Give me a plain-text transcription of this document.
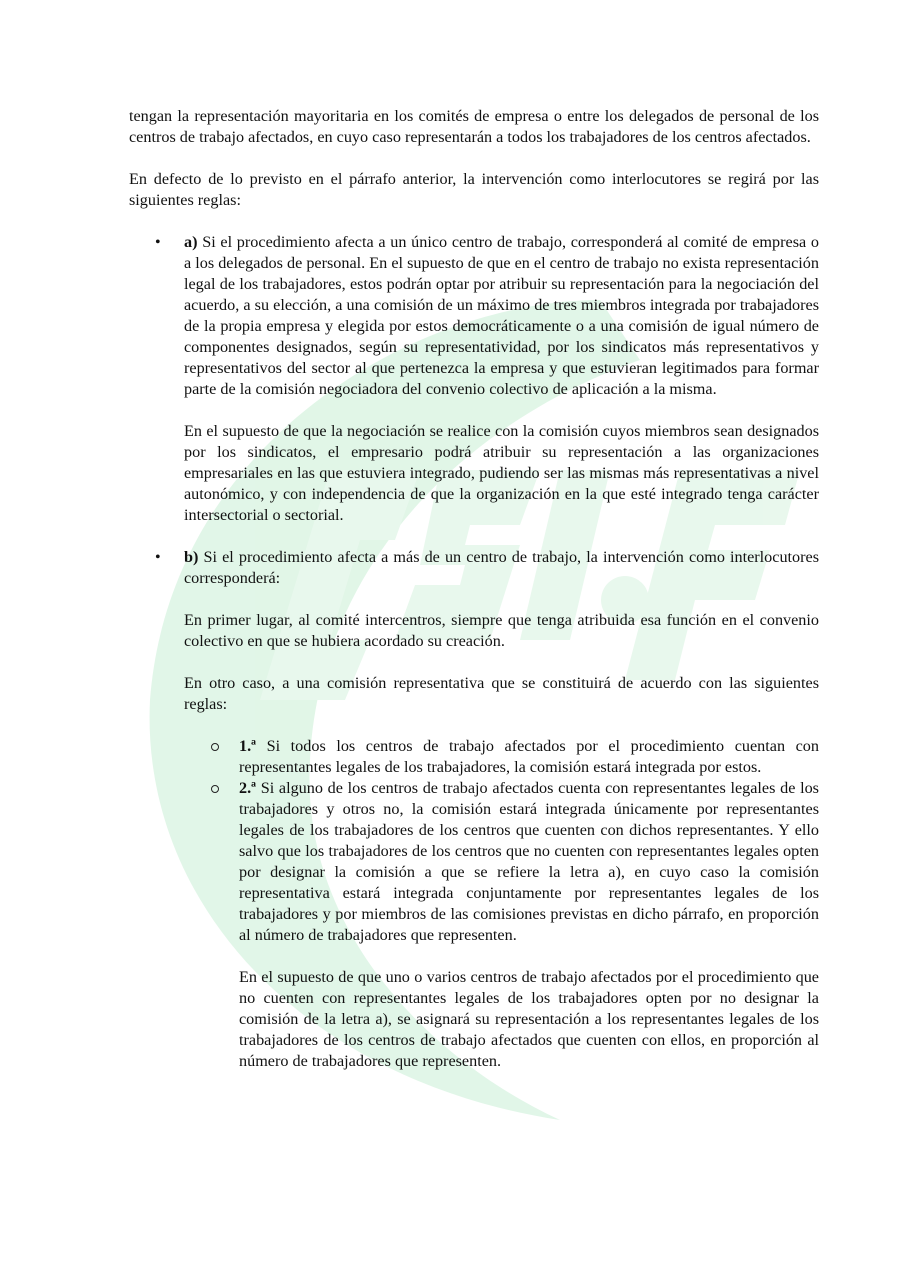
tengan la representación mayoritaria en los comités de empresa o entre los delegados de personal de los centros de trabajo afectados, en cuyo caso representarán a todos los trabajadores de los centros afectados.

En defecto de lo previsto en el párrafo anterior, la intervención como interlocutores se regirá por las siguientes reglas:

• a) Si el procedimiento afecta a un único centro de trabajo, corresponderá al comité de empresa o a los delegados de personal. En el supuesto de que en el centro de trabajo no exista representación legal de los trabajadores, estos podrán optar por atribuir su representación para la negociación del acuerdo, a su elección, a una comisión de un máximo de tres miembros integrada por trabajadores de la propia empresa y elegida por estos democráticamente o a una comisión de igual número de componentes designados, según su representatividad, por los sindicatos más representativos y representativos del sector al que pertenezca la empresa y que estuvieran legitimados para formar parte de la comisión negociadora del convenio colectivo de aplicación a la misma.

En el supuesto de que la negociación se realice con la comisión cuyos miembros sean designados por los sindicatos, el empresario podrá atribuir su representación a las organizaciones empresariales en las que estuviera integrado, pudiendo ser las mismas más representativas a nivel autonómico, y con independencia de que la organización en la que esté integrado tenga carácter intersectorial o sectorial.

• b) Si el procedimiento afecta a más de un centro de trabajo, la intervención como interlocutores corresponderá:

En primer lugar, al comité intercentros, siempre que tenga atribuida esa función en el convenio colectivo en que se hubiera acordado su creación.

En otro caso, a una comisión representativa que se constituirá de acuerdo con las siguientes reglas:

1.ª Si todos los centros de trabajo afectados por el procedimiento cuentan con representantes legales de los trabajadores, la comisión estará integrada por estos.
2.ª Si alguno de los centros de trabajo afectados cuenta con representantes legales de los trabajadores y otros no, la comisión estará integrada únicamente por representantes legales de los trabajadores de los centros que cuenten con dichos representantes. Y ello salvo que los trabajadores de los centros que no cuenten con representantes legales opten por designar la comisión a que se refiere la letra a), en cuyo caso la comisión representativa estará integrada conjuntamente por representantes legales de los trabajadores y por miembros de las comisiones previstas en dicho párrafo, en proporción al número de trabajadores que representen.

En el supuesto de que uno o varios centros de trabajo afectados por el procedimiento que no cuenten con representantes legales de los trabajadores opten por no designar la comisión de la letra a), se asignará su representación a los representantes legales de los trabajadores de los centros de trabajo afectados que cuenten con ellos, en proporción al número de trabajadores que representen.
